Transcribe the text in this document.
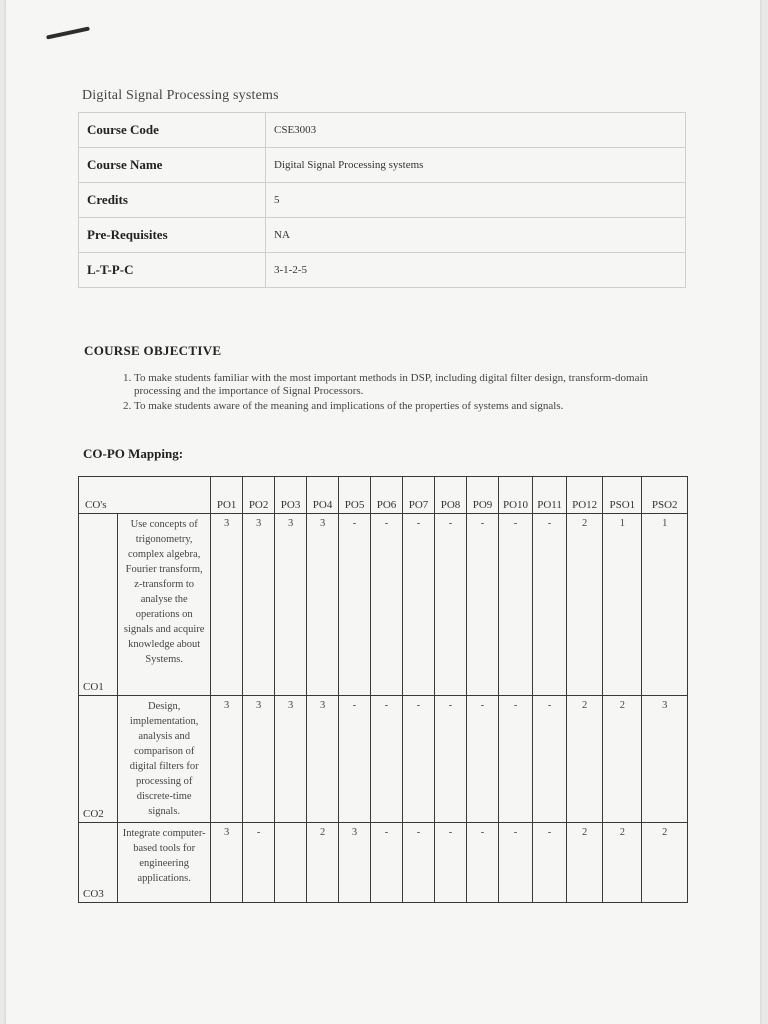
Digital Signal Processing systems
Course Code	CSE3003
Course Name	Digital Signal Processing systems
Credits	5
Pre-Requisites	NA
L-T-P-C	3-1-2-5
COURSE OBJECTIVE
1. To make students familiar with the most important methods in DSP, including digital filter design, transform-domain processing and the importance of Signal Processors.
2. To make students aware of the meaning and implications of the properties of systems and signals.
CO-PO Mapping:
CO's		PO1	PO2	PO3	PO4	PO5	PO6	PO7	PO8	PO9	PO10	PO11	PO12	PSO1	PSO2
CO1	Use concepts of trigonometry, complex algebra, Fourier transform, z-transform to analyse the operations on signals and acquire knowledge about Systems.	3	3	3	3	-	-	-	-	-	-	-	2	1	1
CO2	Design, implementation, analysis and comparison of digital filters for processing of discrete-time signals.	3	3	3	3	-	-	-	-	-	-	-	2	2	3
CO3	Integrate computer-based tools for engineering applications.	3	-		2	3	-	-	-	-	-	-	2	2	2
